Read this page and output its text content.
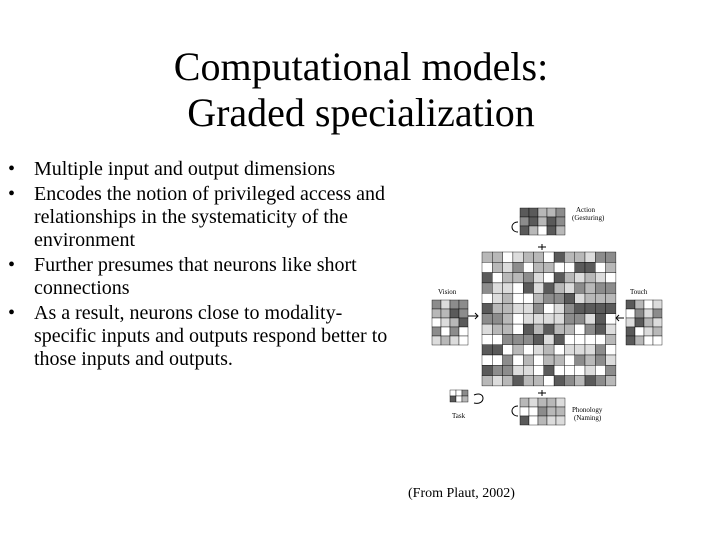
Computational models:
Graded specialization
• Multiple input and output dimensions
• Encodes the notion of privileged access and relationships in the systematicity of the environment
• Further presumes that neurons like short connections
• As a result, neurons close to modality-specific inputs and outputs respond better to those inputs and outputs.
Action
(Gesturing)
Vision	Touch
Task
Phonology
(Naming)
(From Plaut, 2002)
